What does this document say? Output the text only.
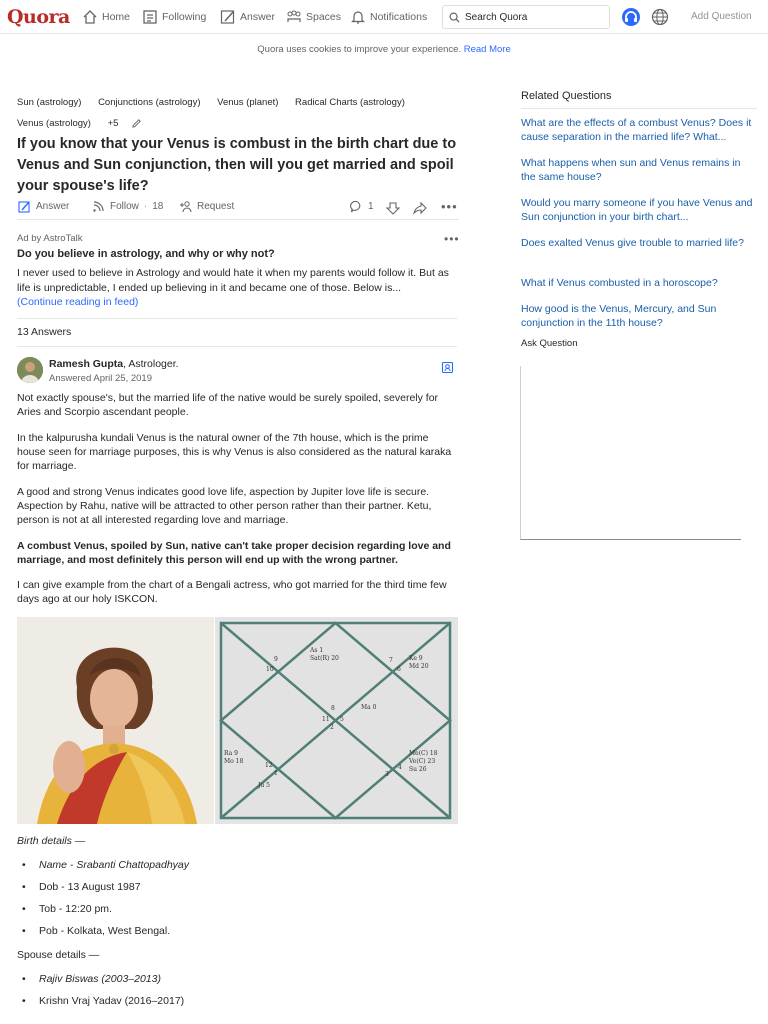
Quora	Home	Following	Answer	Spaces	Notifications	Search Quora	Add Question
Quora uses cookies to improve your experience. Read More
Sun (astrology) Conjunctions (astrology) Venus (planet) Radical Charts (astrology)
Venus (astrology) +5
If you know that your Venus is combust in the birth chart due to Venus and Sun conjunction, then will you get married and spoil your spouse's life?
Answer	Follow · 18	Request	1	•••
Ad by AstroTalk	•••
Do you believe in astrology, and why or why not?
I never used to believe in Astrology and would hate it when my parents would follow it. But as life is unpredictable, I ended up believing in it and became one of those. Below is...
(Continue reading in feed)
13 Answers
Ramesh Gupta, Astrologer.
Answered April 25, 2019
Not exactly spouse's, but the married life of the native would be surely spoiled, severely for Aries and Scorpio ascendant people.
In the kalpurusha kundali Venus is the natural owner of the 7th house, which is the prime house seen for marriage purposes, this is why Venus is also considered as the natural karaka for marriage.
A good and strong Venus indicates good love life, aspection by Jupiter love life is secure. Aspection by Rahu, native will be attracted to other person rather than their partner. Ketu, person is not at all interested regarding love and marriage.
A combust Venus, spoiled by Sun, native can't take proper decision regarding love and marriage, and most definitely this person will end up with the wrong partner.
I can give example from the chart of a Bengali actress, who got married for the third time few days ago at our holy ISKCON.
9
10
As 1
Sat(R) 20	7
6
Ke 9
Md 20
8
11 5
2
Ma 0
Ra 9
Mo 18
12
1
Ju 5
4
3
Me(C) 18
Ve(C) 23
Su 26
Birth details —
• Name - Srabanti Chattopadhyay
• Dob - 13 August 1987
• Tob - 12:20 pm.
• Pob - Kolkata, West Bengal.
Spouse details —
• Rajiv Biswas (2003–2013)
• Krishn Vraj Yadav (2016–2017)
Related Questions
What are the effects of a combust Venus? Does it cause separation in the married life? What...
What happens when sun and Venus remains in the same house?
Would you marry someone if you have Venus and Sun conjunction in your birth chart...
Does exalted Venus give trouble to married life?
What if Venus combusted in a horoscope?
How good is the Venus, Mercury, and Sun conjunction in the 11th house?
Ask Question
